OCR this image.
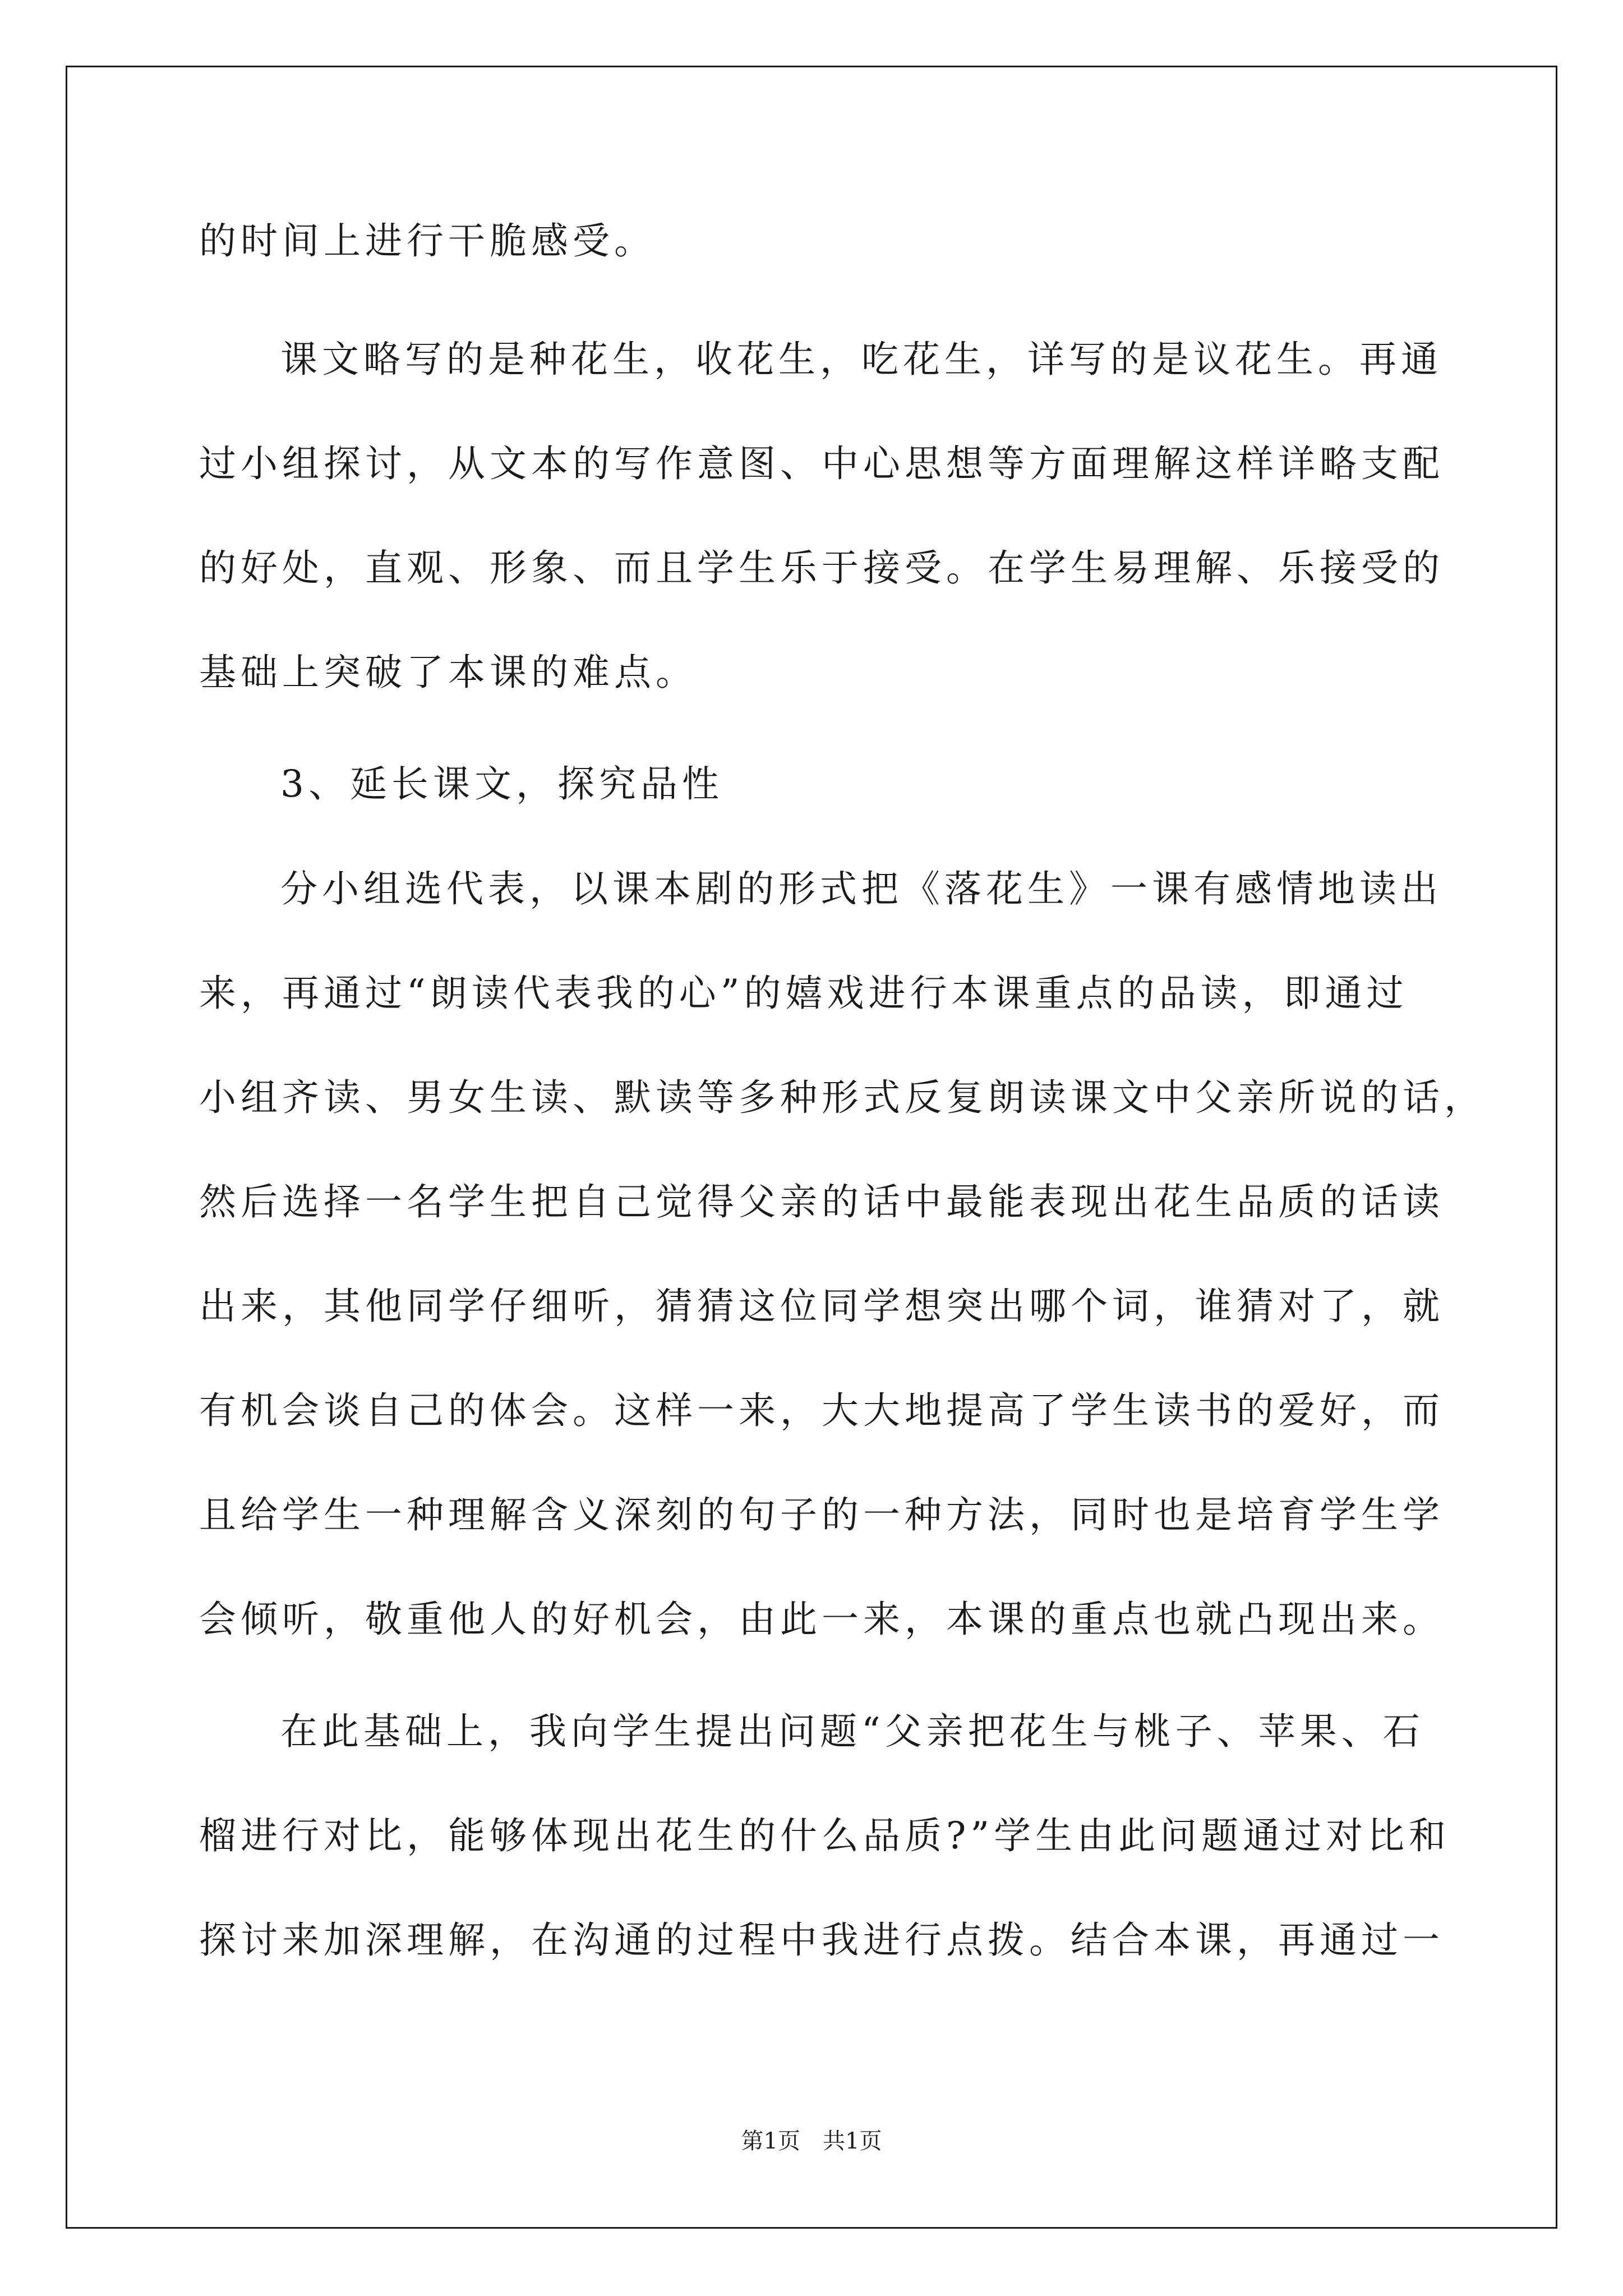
的时间上进行干脆感受。

课文略写的是种花生，收花生，吃花生，详写的是议花生。再通

过小组探讨，从文本的写作意图、中心思想等方面理解这样详略支配

的好处，直观、形象、而且学生乐于接受。在学生易理解、乐接受的

基础上突破了本课的难点。

3、延长课文，探究品性

分小组选代表，以课本剧的形式把《落花生》一课有感情地读出

来，再通过“朗读代表我的心”的嬉戏进行本课重点的品读，即通过

小组齐读、男女生读、默读等多种形式反复朗读课文中父亲所说的话，

然后选择一名学生把自己觉得父亲的话中最能表现出花生品质的话读

出来，其他同学仔细听，猜猜这位同学想突出哪个词，谁猜对了，就

有机会谈自己的体会。这样一来，大大地提高了学生读书的爱好，而

且给学生一种理解含义深刻的句子的一种方法，同时也是培育学生学

会倾听，敬重他人的好机会，由此一来，本课的重点也就凸现出来。

在此基础上，我向学生提出问题“父亲把花生与桃子、苹果、石

榴进行对比，能够体现出花生的什么品质?”学生由此问题通过对比和

探讨来加深理解，在沟通的过程中我进行点拨。结合本课，再通过一

第1页　共1页
